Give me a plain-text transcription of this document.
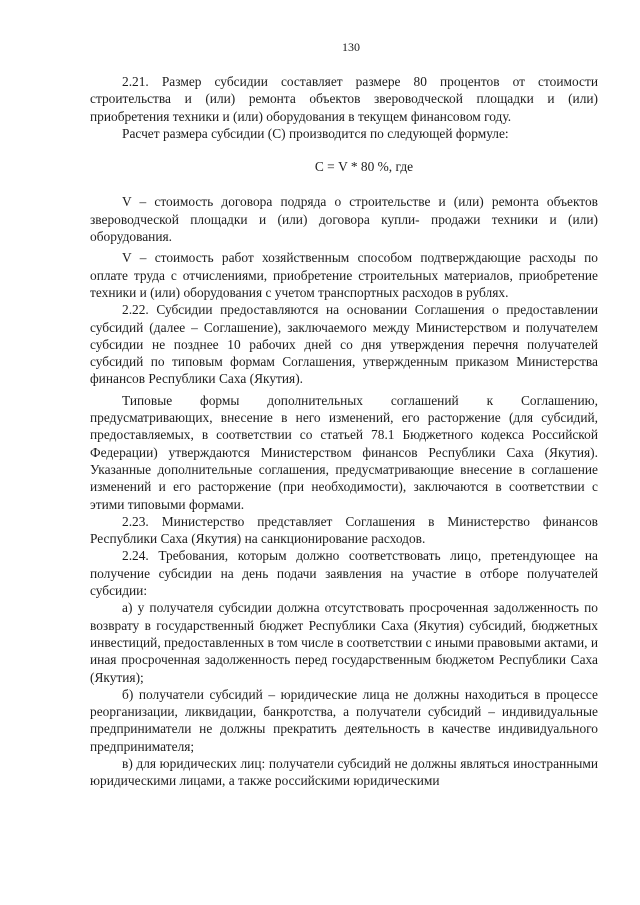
130

2.21. Размер субсидии составляет размере 80 процентов от стоимости строительства и (или) ремонта объектов звероводческой площадки и (или) приобретения техники и (или) оборудования в текущем финансовом году.

Расчет размера субсидии (С) производится по следующей формуле:

С = V * 80 %, где

V – стоимость договора подряда о строительстве и (или) ремонта объектов звероводческой площадки и (или) договора купли- продажи техники и (или) оборудования.

V – стоимость работ хозяйственным способом подтверждающие расходы по оплате труда с отчислениями, приобретение строительных материалов, приобретение техники и (или) оборудования с учетом транспортных расходов в рублях.

2.22. Субсидии предоставляются на основании Соглашения о предоставлении субсидий (далее – Соглашение), заключаемого между Министерством и получателем субсидии не позднее 10 рабочих дней со дня утверждения перечня получателей субсидий по типовым формам Соглашения, утвержденным приказом Министерства финансов Республики Саха (Якутия).

Типовые формы дополнительных соглашений к Соглашению, предусматривающих, внесение в него изменений, его расторжение (для субсидий, предоставляемых, в соответствии со статьей 78.1 Бюджетного кодекса Российской Федерации) утверждаются Министерством финансов Республики Саха (Якутия). Указанные дополнительные соглашения, предусматривающие внесение в соглашение изменений и его расторжение (при необходимости), заключаются в соответствии с этими типовыми формами.

2.23. Министерство представляет Соглашения в Министерство финансов Республики Саха (Якутия) на санкционирование расходов.

2.24. Требования, которым должно соответствовать лицо, претендующее на получение субсидии на день подачи заявления на участие в отборе получателей субсидии:

а) у получателя субсидии должна отсутствовать просроченная задолженность по возврату в государственный бюджет Республики Саха (Якутия) субсидий, бюджетных инвестиций, предоставленных в том числе в соответствии с иными правовыми актами, и иная просроченная задолженность перед государственным бюджетом Республики Саха (Якутия);

б) получатели субсидий – юридические лица не должны находиться в процессе реорганизации, ликвидации, банкротства, а получатели субсидий – индивидуальные предприниматели не должны прекратить деятельность в качестве индивидуального предпринимателя;

в) для юридических лиц: получатели субсидий не должны являться иностранными юридическими лицами, а также российскими юридическими
